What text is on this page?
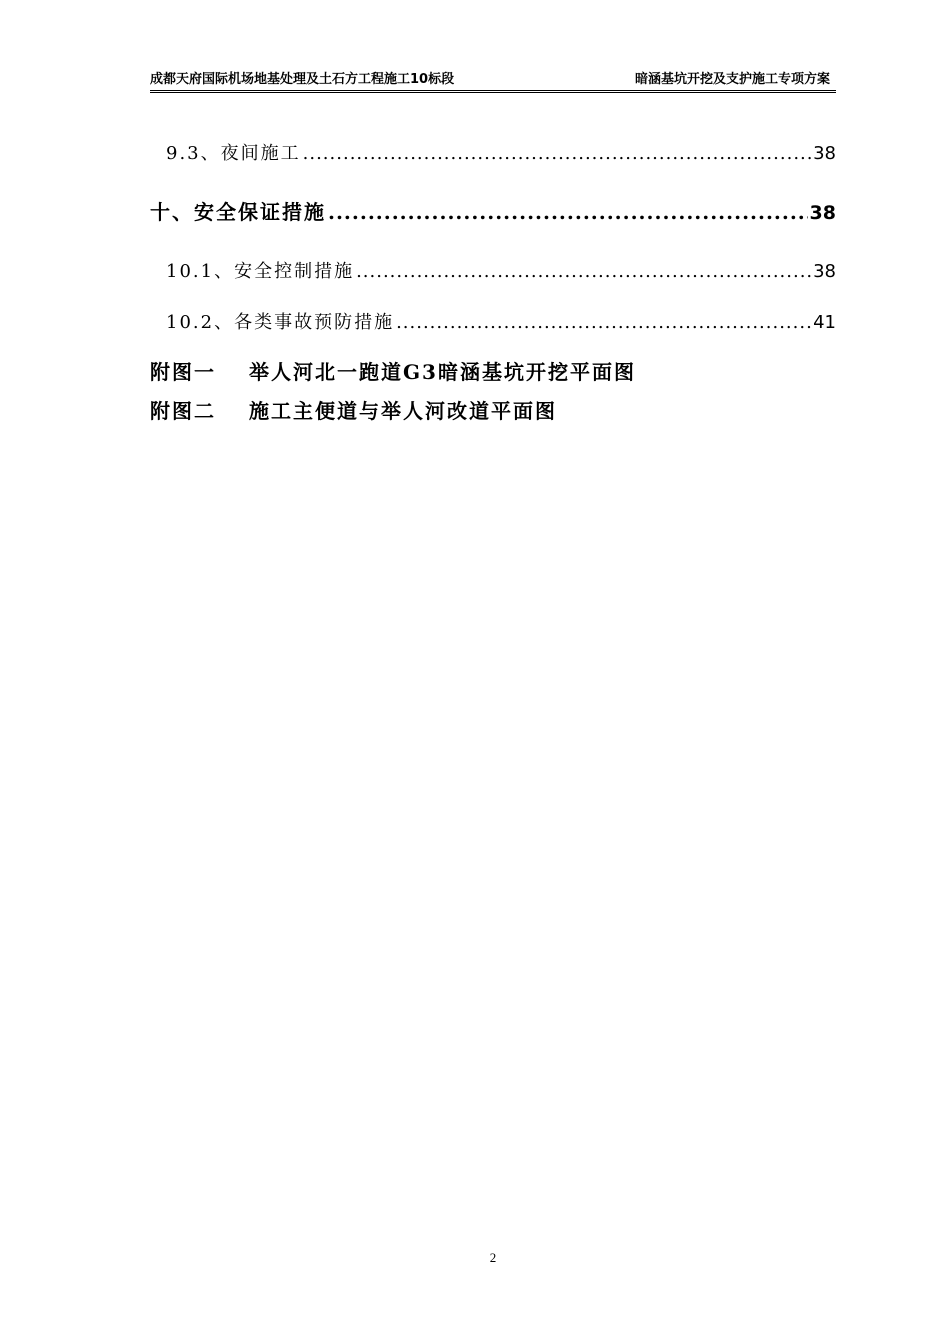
成都天府国际机场地基处理及土石方工程施工10标段	暗涵基坑开挖及支护施工专项方案
9.3、夜间施工 .....	38
十、安全保证措施 .....	38
10.1、安全控制措施 .....	38
10.2、各类事故预防措施 .....	41
附图一 举人河北一跑道G3暗涵基坑开挖平面图
附图二 施工主便道与举人河改道平面图
2
